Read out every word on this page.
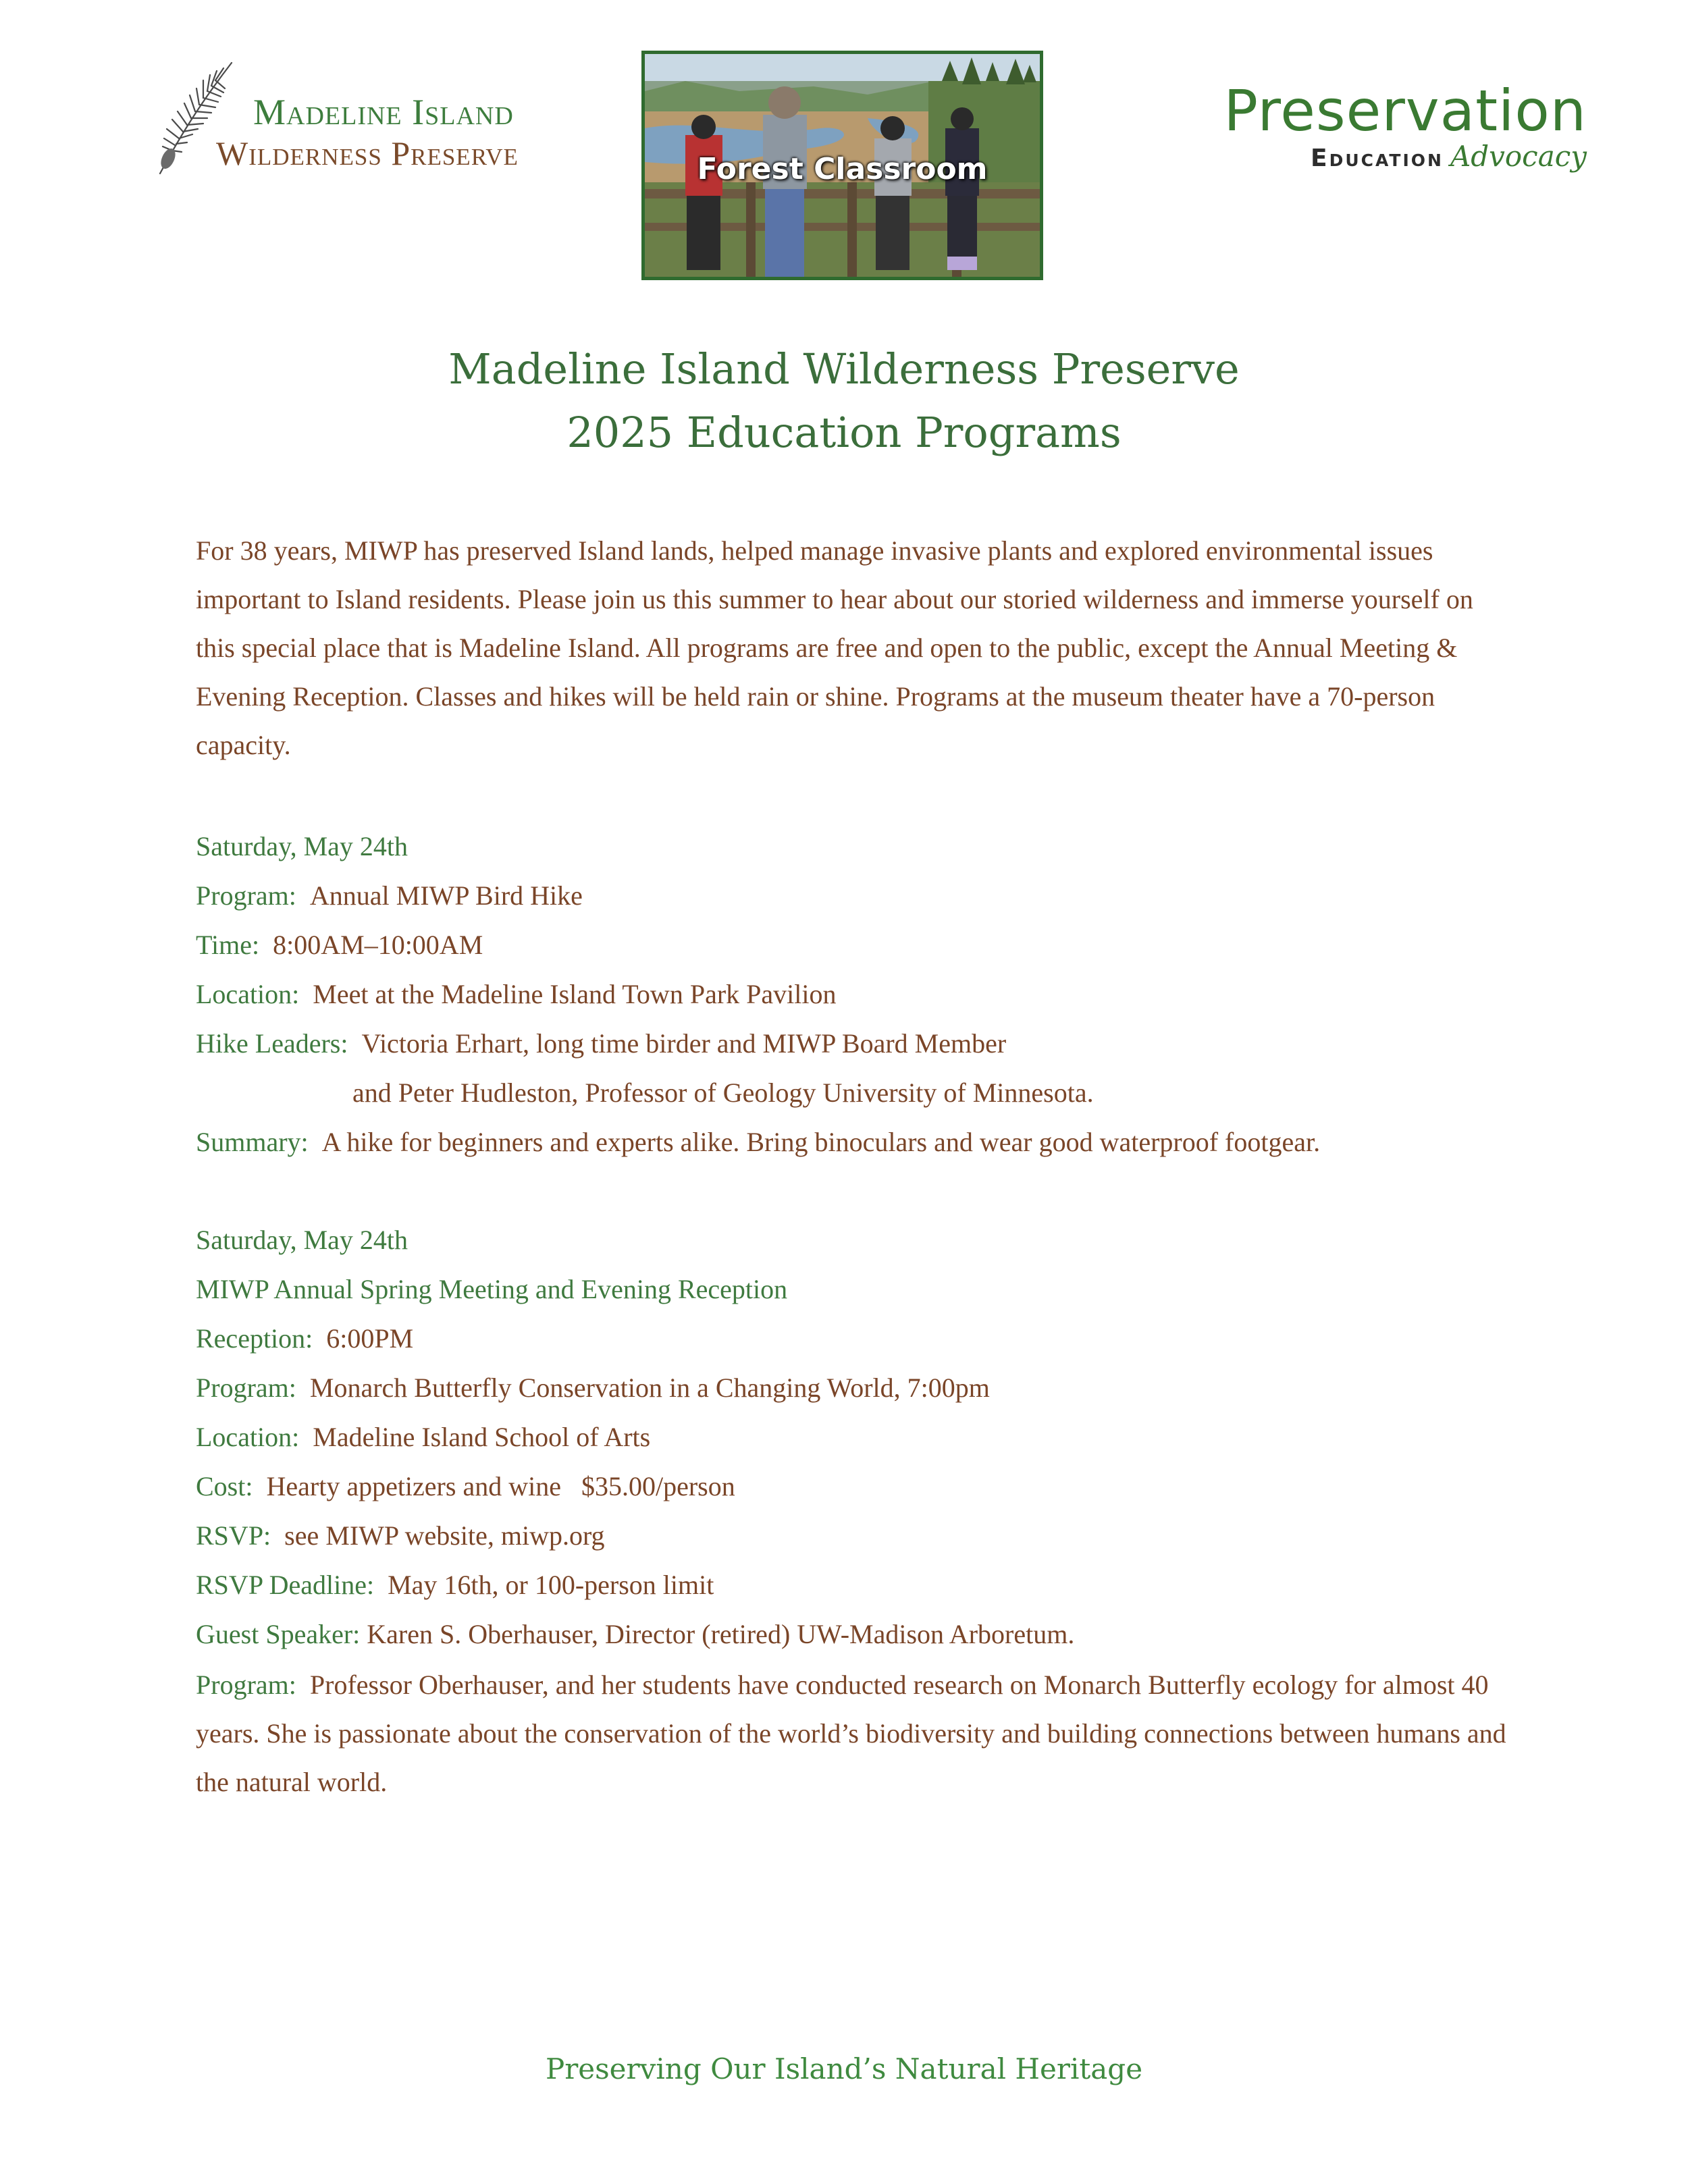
Madeline Island
Wilderness Preserve	Forest Classroom
Preservation
Education Advocacy
Madeline Island Wilderness Preserve
2025 Education Programs
For 38 years, MIWP has preserved Island lands, helped manage invasive plants and explored environmental issues important to Island residents. Please join us this summer to hear about our storied wilderness and immerse yourself on this special place that is Madeline Island. All programs are free and open to the public, except the Annual Meeting & Evening Reception. Classes and hikes will be held rain or shine. Programs at the museum theater have a 70-person capacity.
Saturday, May 24th
Program: Annual MIWP Bird Hike
Time: 8:00AM–10:00AM
Location: Meet at the Madeline Island Town Park Pavilion
Hike Leaders: Victoria Erhart, long time birder and MIWP Board Member
and Peter Hudleston, Professor of Geology University of Minnesota.
Summary: A hike for beginners and experts alike. Bring binoculars and wear good waterproof footgear.
Saturday, May 24th
MIWP Annual Spring Meeting and Evening Reception
Reception: 6:00PM
Program: Monarch Butterfly Conservation in a Changing World, 7:00pm
Location: Madeline Island School of Arts
Cost: Hearty appetizers and wine   $35.00/person
RSVP: see MIWP website, miwp.org
RSVP Deadline: May 16th, or 100-person limit
Guest Speaker: Karen S. Oberhauser, Director (retired) UW-Madison Arboretum.
Program: Professor Oberhauser, and her students have conducted research on Monarch Butterfly ecology for almost 40 years. She is passionate about the conservation of the world’s biodiversity and building connections between humans and the natural world.
Preserving Our Island’s Natural Heritage
